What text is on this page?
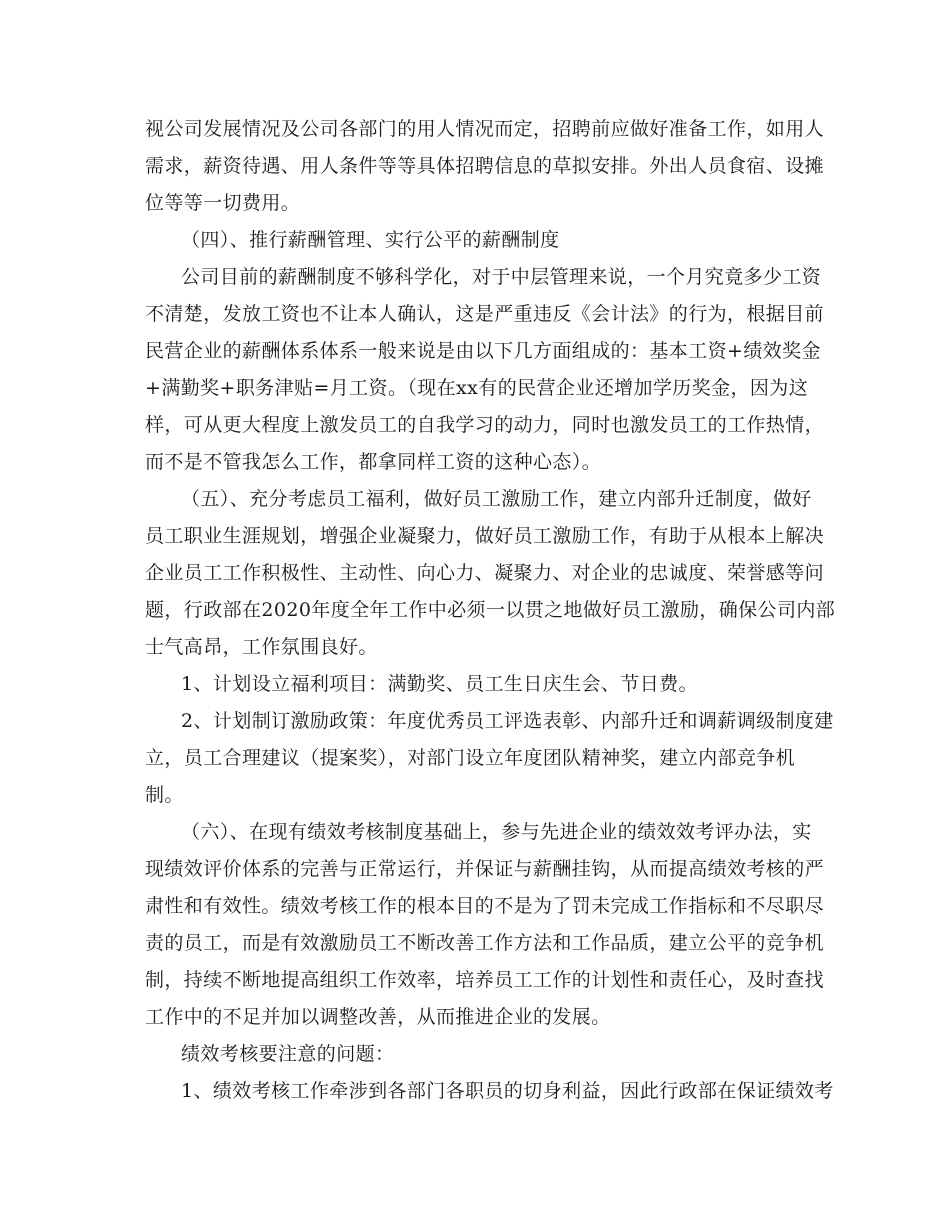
视公司发展情况及公司各部门的用人情况而定，招聘前应做好准备工作，如用人
需求，薪资待遇、用人条件等等具体招聘信息的草拟安排。外出人员食宿、设摊
位等等一切费用。
（四）、推行薪酬管理、实行公平的薪酬制度
公司目前的薪酬制度不够科学化，对于中层管理来说，一个月究竟多少工资
不清楚，发放工资也不让本人确认，这是严重违反《会计法》的行为，根据目前
民营企业的薪酬体系体系一般来说是由以下几方面组成的：基本工资+绩效奖金
+满勤奖+职务津贴=月工资。（现在xx有的民营企业还增加学历奖金，因为这
样，可从更大程度上激发员工的自我学习的动力，同时也激发员工的工作热情，
而不是不管我怎么工作，都拿同样工资的这种心态）。
（五）、充分考虑员工福利，做好员工激励工作，建立内部升迁制度，做好
员工职业生涯规划，增强企业凝聚力，做好员工激励工作，有助于从根本上解决
企业员工工作积极性、主动性、向心力、凝聚力、对企业的忠诚度、荣誉感等问
题，行政部在2020年度全年工作中必须一以贯之地做好员工激励，确保公司内部
士气高昂，工作氛围良好。
1、计划设立福利项目：满勤奖、员工生日庆生会、节日费。
2、计划制订激励政策：年度优秀员工评选表彰、内部升迁和调薪调级制度建
立，员工合理建议（提案奖），对部门设立年度团队精神奖，建立内部竞争机
制。
（六）、在现有绩效考核制度基础上，参与先进企业的绩效效考评办法，实
现绩效评价体系的完善与正常运行，并保证与薪酬挂钩，从而提高绩效考核的严
肃性和有效性。绩效考核工作的根本目的不是为了罚未完成工作指标和不尽职尽
责的员工，而是有效激励员工不断改善工作方法和工作品质，建立公平的竞争机
制，持续不断地提高组织工作效率，培养员工工作的计划性和责任心，及时查找
工作中的不足并加以调整改善，从而推进企业的发展。
绩效考核要注意的问题：
1、绩效考核工作牵涉到各部门各职员的切身利益，因此行政部在保证绩效考
